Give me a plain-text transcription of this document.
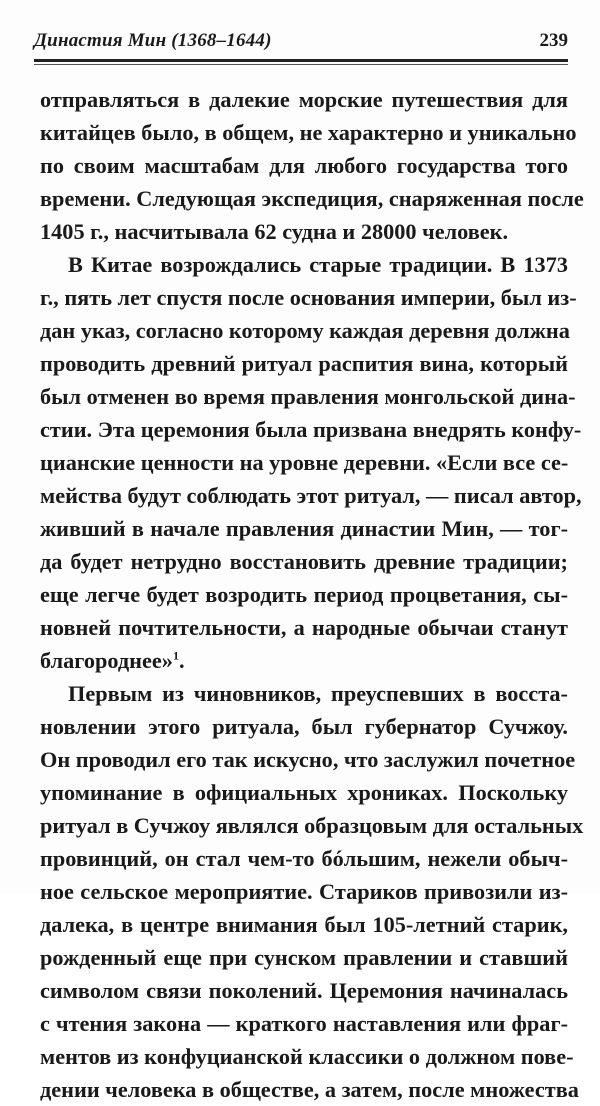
Династия Мин (1368–1644)	239

отправляться в далекие морские путешествия для
китайцев было, в общем, не характерно и уникально
по своим масштабам для любого государства того
времени. Следующая экспедиция, снаряженная после
1405 г., насчитывала 62 судна и 28000 человек.

В Китае возрождались старые традиции. В 1373
г., пять лет спустя после основания империи, был из-
дан указ, согласно которому каждая деревня должна
проводить древний ритуал распития вина, который
был отменен во время правления монгольской дина-
стии. Эта церемония была призвана внедрять конфу-
цианские ценности на уровне деревни. «Если все се-
мейства будут соблюдать этот ритуал, — писал автор,
живший в начале правления династии Мин, — тог-
да будет нетрудно восстановить древние традиции;
еще легче будет возродить период процветания, сы-
новней почтительности, а народные обычаи станут
благороднее»$^1$.

Первым из чиновников, преуспевших в восста-
новлении этого ритуала, был губернатор Сучжоу.
Он проводил его так искусно, что заслужил почетное
упоминание в официальных хрониках. Поскольку
ритуал в Сучжоу являлся образцовым для остальных
провинций, он стал чем-то бóльшим, нежели обыч-
ное сельское мероприятие. Стариков привозили из-
далека, в центре внимания был 105-летний старик,
рожденный еще при сунском правлении и ставший
символом связи поколений. Церемония начиналась
с чтения закона — краткого наставления или фраг-
ментов из конфуцианской классики о должном пове-
дении человека в обществе, а затем, после множества
